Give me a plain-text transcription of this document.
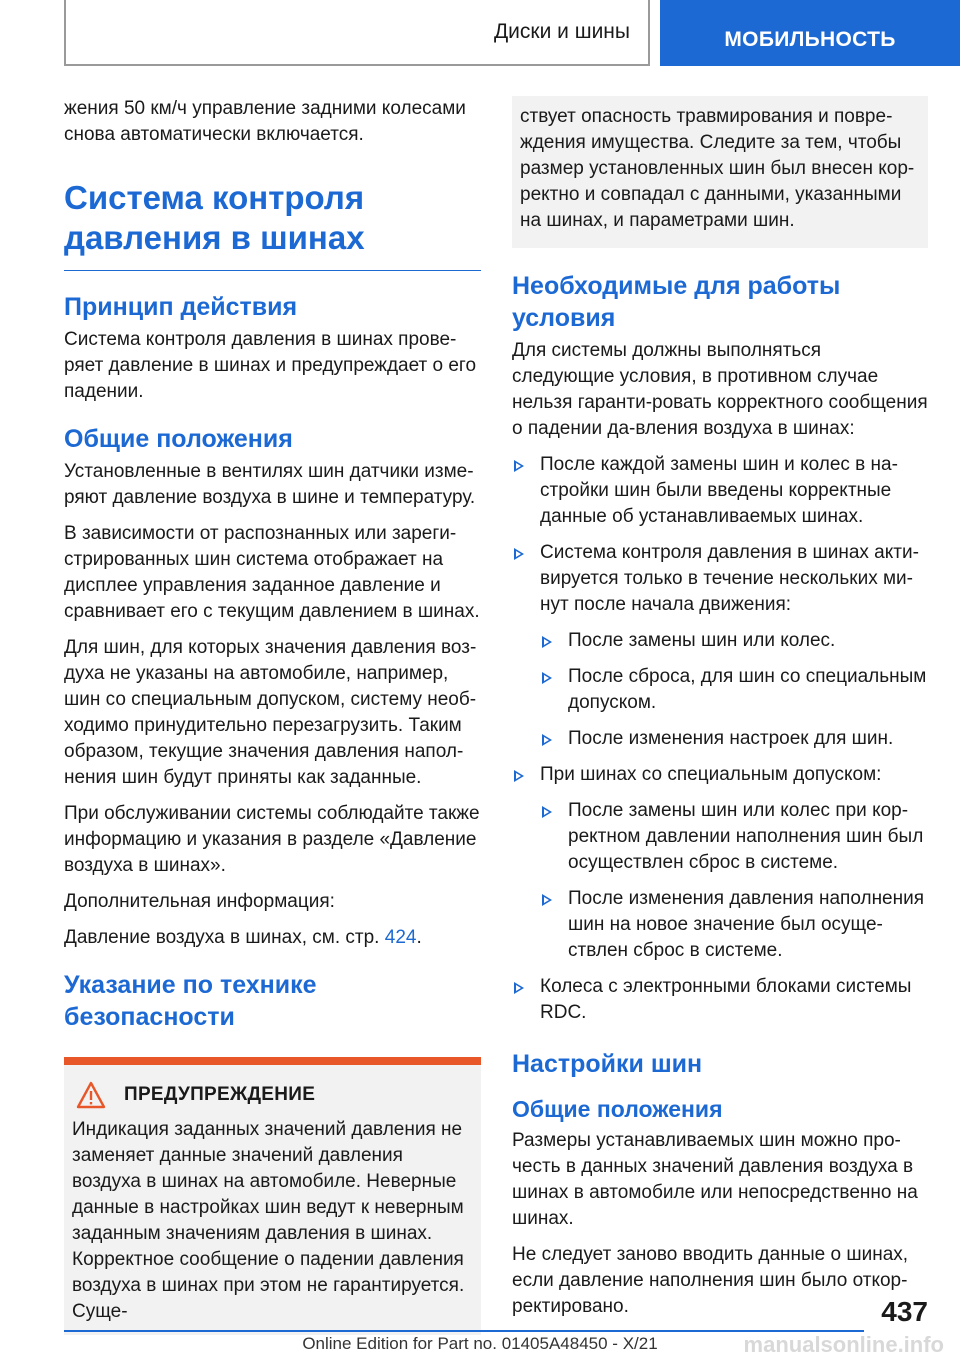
Диски и шины	МОБИЛЬНОСТЬ

жения 50 км/ч управление задними колесами снова автоматически включается.

Система контроля давления в шинах
Принцип действия

Система контроля давления в шинах прове-ряет давление в шинах и предупреждает о его падении.

Общие положения

Установленные в вентилях шин датчики изме-ряют давление воздуха в шине и температуру.

В зависимости от распознанных или зареги-стрированных шин система отображает на дисплее управления заданное давление и сравнивает его с текущим давлением в шинах.

Для шин, для которых значения давления воз-духа не указаны на автомобиле, например, шин со специальным допуском, систему необ-ходимо принудительно перезагрузить. Таким образом, текущие значения давления напол-нения шин будут приняты как заданные.

При обслуживании системы соблюдайте также информацию и указания в разделе «Давление воздуха в шинах».

Дополнительная информация:

Давление воздуха в шинах, см. стр. 424.

Указание по технике безопасности
ПРЕДУПРЕЖДЕНИЕ

Индикация заданных значений давления не заменяет данные значений давления воздуха в шинах на автомобиле. Неверные данные в настройках шин ведут к неверным заданным значениям давления в шинах. Корректное сообщение о падении давления воздуха в шинах при этом не гарантируется. Суще-

ствует опасность травмирования и повре-ждения имущества. Следите за тем, чтобы размер установленных шин был внесен кор-ректно и совпадал с данными, указанными на шинах, и параметрами шин.

Необходимые для работы условия

Для системы должны выполняться следующие условия, в противном случае нельзя гаранти-ровать корректного сообщения о падении да-вления воздуха в шинах:

После каждой замены шин и колес в на-стройки шин были введены корректные данные об устанавливаемых шинах.
Система контроля давления в шинах акти-вируется только в течение нескольких ми-нут после начала движения:
После замены шин или колес.
После сброса, для шин со специальным допуском.
После изменения настроек для шин.
При шинах со специальным допуском:
После замены шин или колес при кор-ректном давлении наполнения шин был осуществлен сброс в системе.
После изменения давления наполнения шин на новое значение был осуще-ствлен сброс в системе.
Колеса с электронными блоками системы RDC.
Настройки шин
Общие положения

Размеры устанавливаемых шин можно про-честь в данных значений давления воздуха в шинах в автомобиле или непосредственно на шинах.

Не следует заново вводить данные о шинах, если давление наполнения шин было откор-ректировано.	437
Online Edition for Part no. 01405A48450 - X/21	manualsonline.info
